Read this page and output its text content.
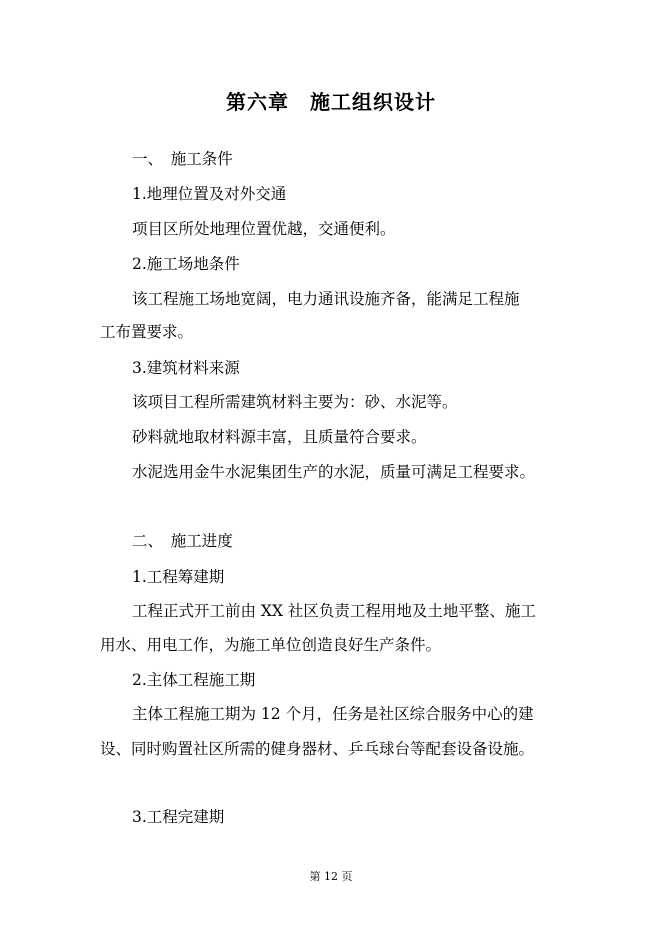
第六章　施工组织设计
一、　施工条件
1.地理位置及对外交通
项目区所处地理位置优越，交通便利。
2.施工场地条件
该工程施工场地宽阔，电力通讯设施齐备，能满足工程施
工布置要求。
3.建筑材料来源
该项目工程所需建筑材料主要为：砂、水泥等。
砂料就地取材料源丰富，且质量符合要求。
水泥选用金牛水泥集团生产的水泥，质量可满足工程要求。
二、　施工进度
1.工程筹建期
工程正式开工前由 XX 社区负责工程用地及土地平整、施工
用水、用电工作，为施工单位创造良好生产条件。
2.主体工程施工期
主体工程施工期为 12 个月，任务是社区综合服务中心的建
设、同时购置社区所需的健身器材、乒乓球台等配套设备设施。
3.工程完建期
第 12 页
